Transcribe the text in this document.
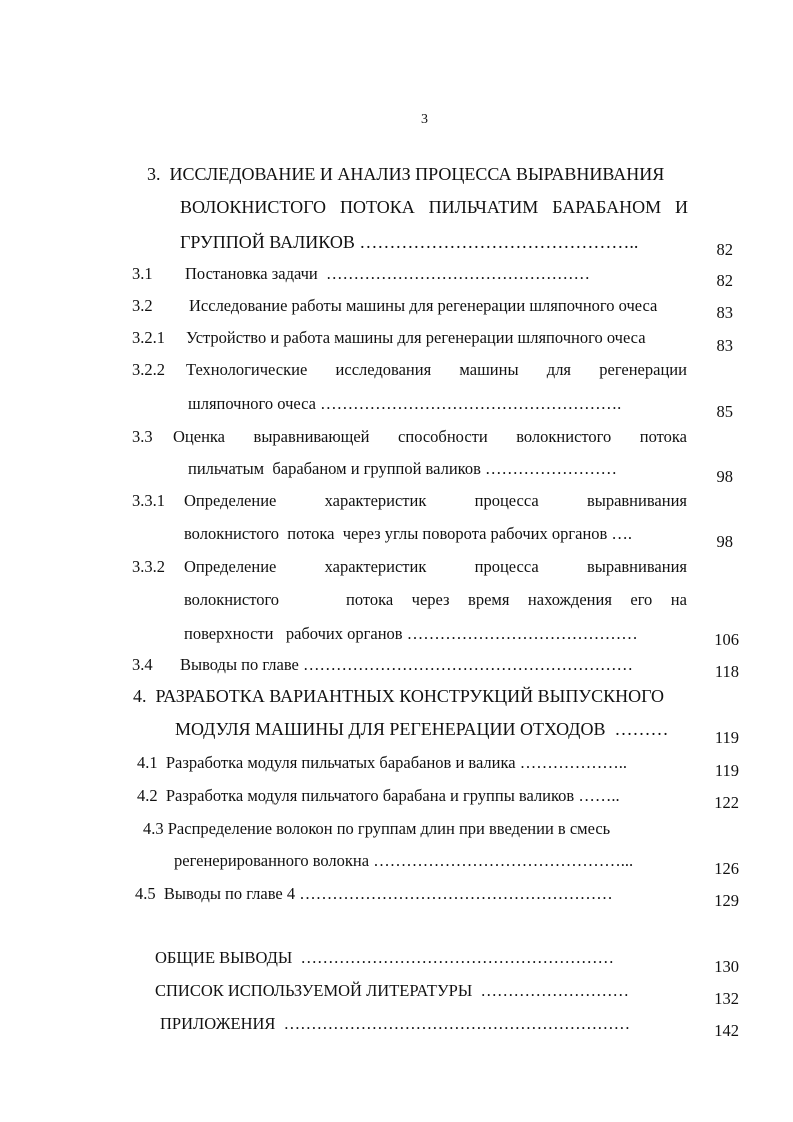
3
3.  ИССЛЕДОВАНИЕ И АНАЛИЗ ПРОЦЕССА ВЫРАВНИВАНИЯ
ВОЛОКНИСТОГО ПОТОКА ПИЛЬЧАТИМ БАРАБАНОМ И
ГРУППОЙ ВАЛИКОВ ………………………………………..	82
3.1 Постановка задачи  …………………………………………	82
3.2 Исследование работы машины для регенерации шляпочного очеса	83
3.2.1 Устройство и работа машины для регенерации шляпочного очеса	83
3.2.2 Технологические исследования машины для регенерации
шляпочного очеса ……………………………………………….	85
3.3 Оценка выравнивающей способности волокнистого потока
пильчатым  барабаном и группой валиков ……………………	98
3.3.1 Определение	характеристик	процесса	выравнивания
волокнистого  потока  через углы поворота рабочих органов ….	98
3.3.2 Определение	характеристик	процесса	выравнивания
волокнистого	потока через время нахождения его на
поверхности   рабочих органов ……………………………………	106
3.4 Выводы по главе ……………………………………………………	118
4.  РАЗРАБОТКА ВАРИАНТНЫХ КОНСТРУКЦИЙ ВЫПУСКНОГО
МОДУЛЯ МАШИНЫ ДЛЯ РЕГЕНЕРАЦИИ ОТХОДОВ  ………	119
4.1  Разработка модуля пильчатых барабанов и валика ………………..	119
4.2  Разработка модуля пильчатого барабана и группы валиков ……..	122
4.3 Распределение волокон по группам длин при введении в смесь
регенерированного волокна ………………………………………...	126
4.5  Выводы по главе 4 …………………………………………………	129
ОБЩИЕ ВЫВОДЫ  …………………………………………………	130
СПИСОК ИСПОЛЬЗУЕМОЙ ЛИТЕРАТУРЫ  ………………………	132
ПРИЛОЖЕНИЯ  ………………………………………………………	142
